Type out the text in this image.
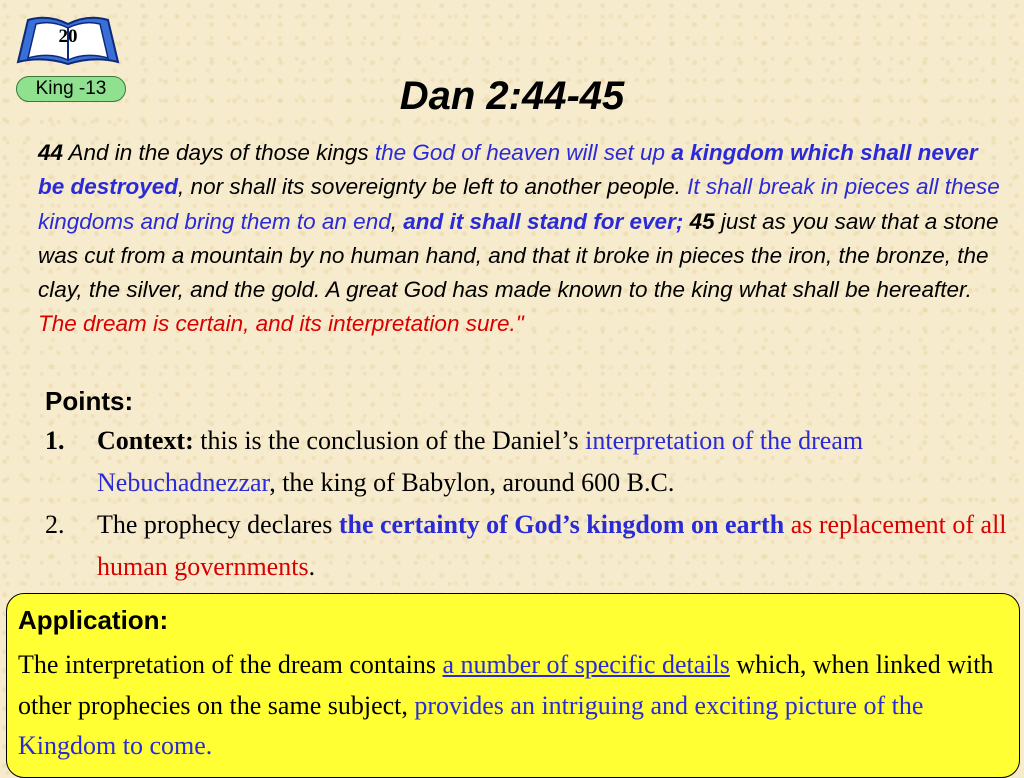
20
King -13	Dan 2:44-45
44 And in the days of those kings the God of heaven will set up a kingdom which shall never be destroyed, nor shall its sovereignty be left to another people. It shall break in pieces all these kingdoms and bring them to an end, and it shall stand for ever; 45 just as you saw that a stone was cut from a mountain by no human hand, and that it broke in pieces the iron, the bronze, the clay, the silver, and the gold. A great God has made known to the king what shall be hereafter. The dream is certain, and its interpretation sure."
Points:
1.	Context: this is the conclusion of the Daniel’s interpretation of the dream Nebuchadnezzar, the king of Babylon, around 600 B.C.
2.	The prophecy declares the certainty of God’s kingdom on earth as replacement of all human governments.
Application:
The interpretation of the dream contains a number of specific details which, when linked with other prophecies on the same subject, provides an intriguing and exciting picture of the Kingdom to come.
